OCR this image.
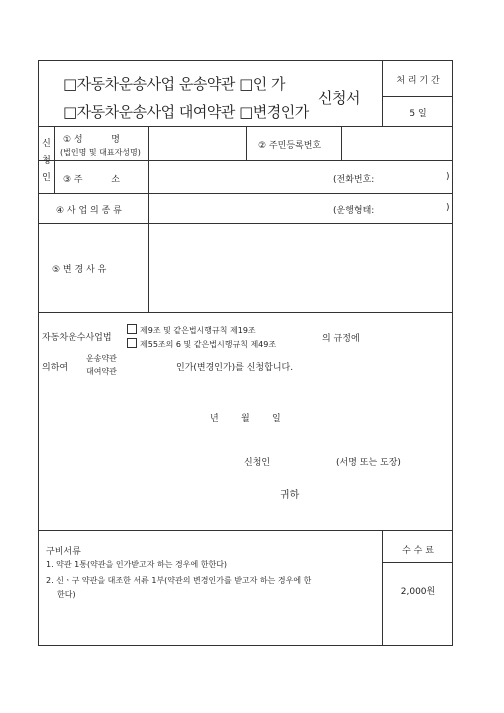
□자동차운송사업 운송약관 □인 가
□자동차운송사업 대여약관 □변경인가
신청서
처 리 기 간
5 일
신
청
인
① 성          명
(법인명 및 대표자성명)
② 주민등록번호
③ 주          소	(전화번호:	)
④ 사 업 의 종 류	(운행형태:	)
⑤ 변 경 사 유
자동차운수사업법
제9조 및 같은법시행규칙 제19조
제55조의 6 및 같은법시행규칙 제49조
의 규정에
의하여
운송약관
대여약관	인가(변경인가)를 신청합니다.
년 월 일
신청인	(서명 또는 도장)
귀하
구비서류
1. 약관 1통(약관을 인가받고자 하는 경우에 한한다)
2. 신ㆍ구 약관을 대조한 서류 1부(약관의 변경인가를 받고자 하는 경우에 한
한다)
수 수 료
2,000원
